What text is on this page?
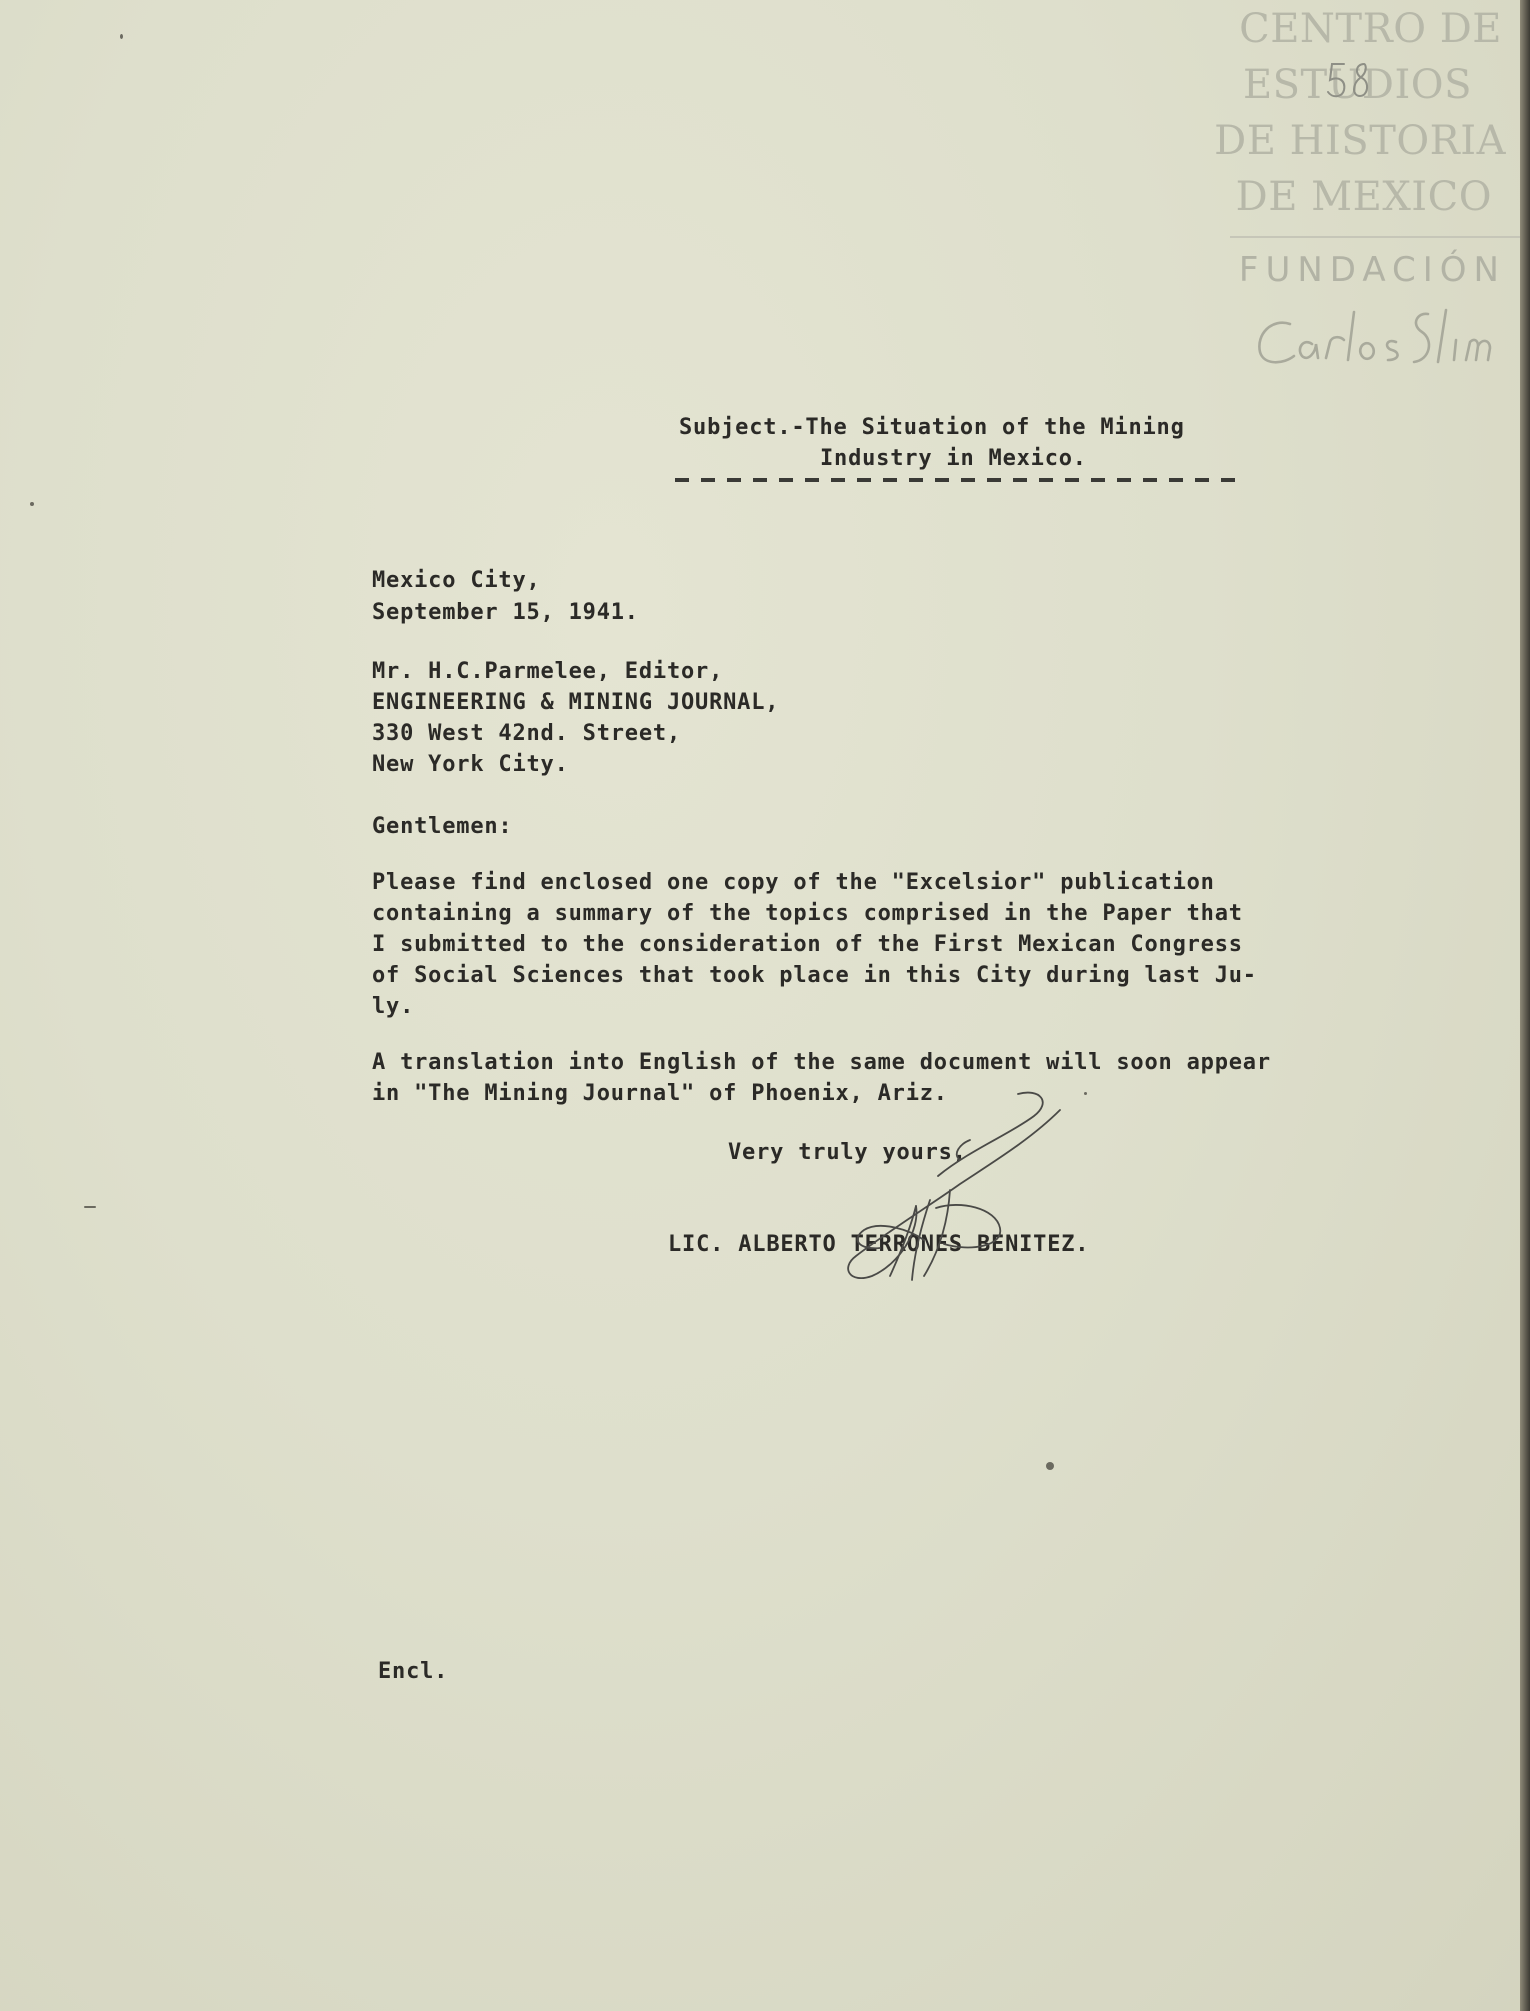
CENTRO DE
ESTUDIOS
DE HISTORIA
DE MEXICO
FUNDACIÓN
Subject.-The Situation of the Mining
Industry in Mexico.
Mexico City,
September 15, 1941.
Mr. H.C.Parmelee, Editor,
ENGINEERING & MINING JOURNAL,
330 West 42nd. Street,
New York City.
Gentlemen:
Please find enclosed one copy of the "Excelsior" publication
containing a summary of the topics comprised in the Paper that
I submitted to the consideration of the First Mexican Congress
of Social Sciences that took place in this City during last Ju-
ly.
A translation into English of the same document will soon appear
in "The Mining Journal" of Phoenix, Ariz.
Very truly yours,
LIC. ALBERTO TERRONES BENITEZ.
Encl.
